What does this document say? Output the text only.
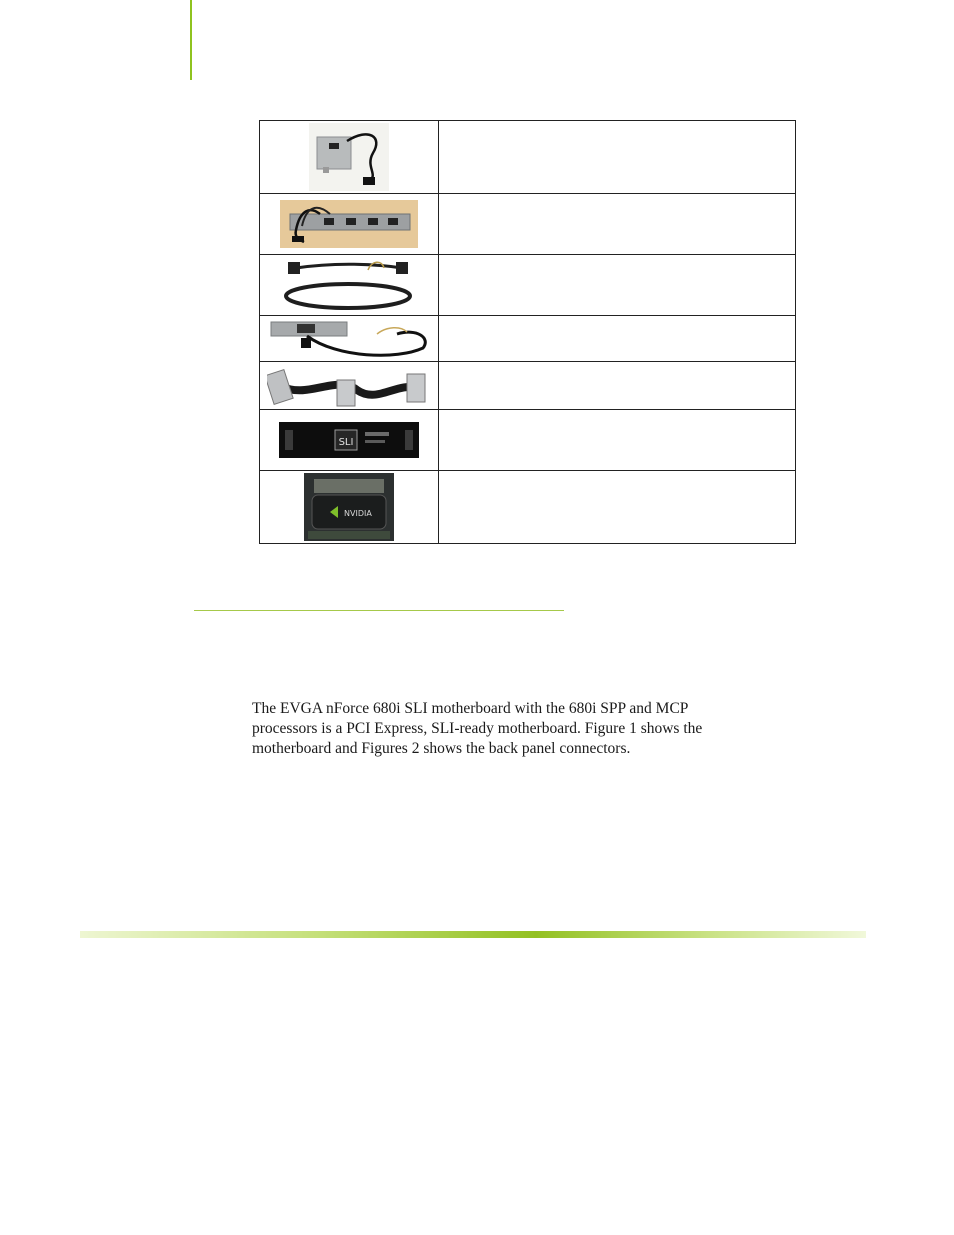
SLI	

NVIDIA	

The EVGA nForce 680i SLI motherboard with the 680i SPP and MCP processors is a PCI Express, SLI-ready motherboard. Figure 1 shows the motherboard and Figures 2 shows the back panel connectors.
